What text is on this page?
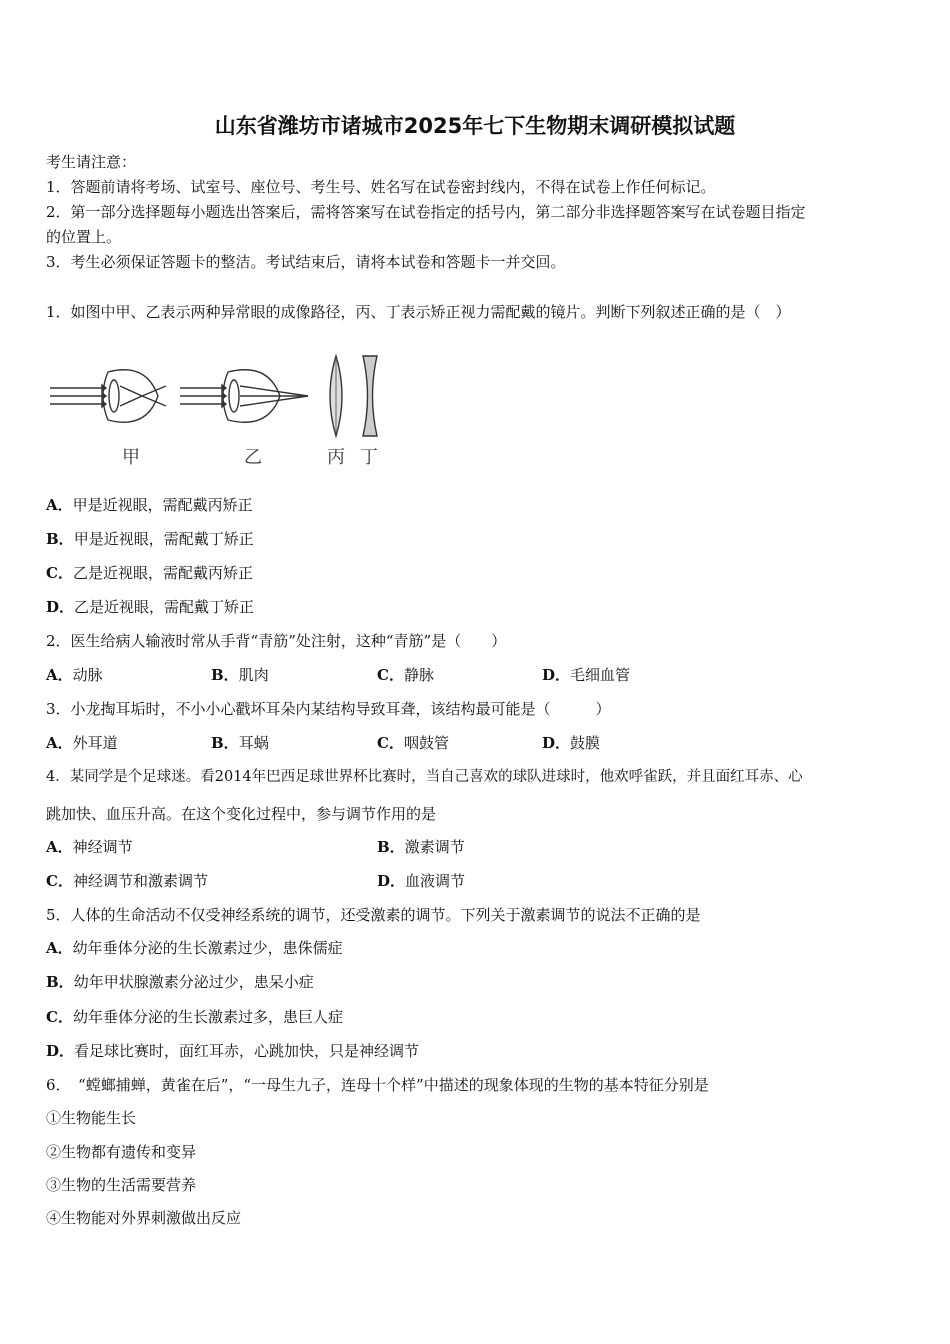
山东省潍坊市诸城市2025年七下生物期末调研模拟试题
考生请注意：
1．答题前请将考场、试室号、座位号、考生号、姓名写在试卷密封线内，不得在试卷上作任何标记。
2．第一部分选择题每小题选出答案后，需将答案写在试卷指定的括号内，第二部分非选择题答案写在试卷题目指定
的位置上。
3．考生必须保证答题卡的整洁。考试结束后，请将本试卷和答题卡一并交回。
1．如图中甲、乙表示两种异常眼的成像路径，丙、丁表示矫正视力需配戴的镜片。判断下列叙述正确的是（　）
甲	乙	丙 丁
A．甲是近视眼，需配戴丙矫正
B．甲是近视眼，需配戴丁矫正
C．乙是近视眼，需配戴丙矫正
D．乙是近视眼，需配戴丁矫正
2．医生给病人输液时常从手背“青筋”处注射，这种“青筋”是（　　）
A．动脉	B．肌肉	C．静脉	D．毛细血管
3．小龙掏耳垢时，不小小心戳坏耳朵内某结构导致耳聋，该结构最可能是（　　　）
A．外耳道	B．耳蜗	C．咽鼓管	D．鼓膜
4．某同学是个足球迷。看2014年巴西足球世界杯比赛时，当自己喜欢的球队进球时，他欢呼雀跃，并且面红耳赤、心
跳加快、血压升高。在这个变化过程中，参与调节作用的是
A．神经调节	B．激素调节
C．神经调节和激素调节	D．血液调节
5．人体的生命活动不仅受神经系统的调节，还受激素的调节。下列关于激素调节的说法不正确的是
A．幼年垂体分泌的生长激素过少，患侏儒症
B．幼年甲状腺激素分泌过少，患呆小症
C．幼年垂体分泌的生长激素过多，患巨人症
D．看足球比赛时，面红耳赤，心跳加快，只是神经调节
6．　“螳螂捕蝉，黄雀在后”，“一母生九子，连母十个样”中描述的现象体现的生物的基本特征分别是
①生物能生长
②生物都有遗传和变异
③生物的生活需要营养
④生物能对外界刺激做出反应
